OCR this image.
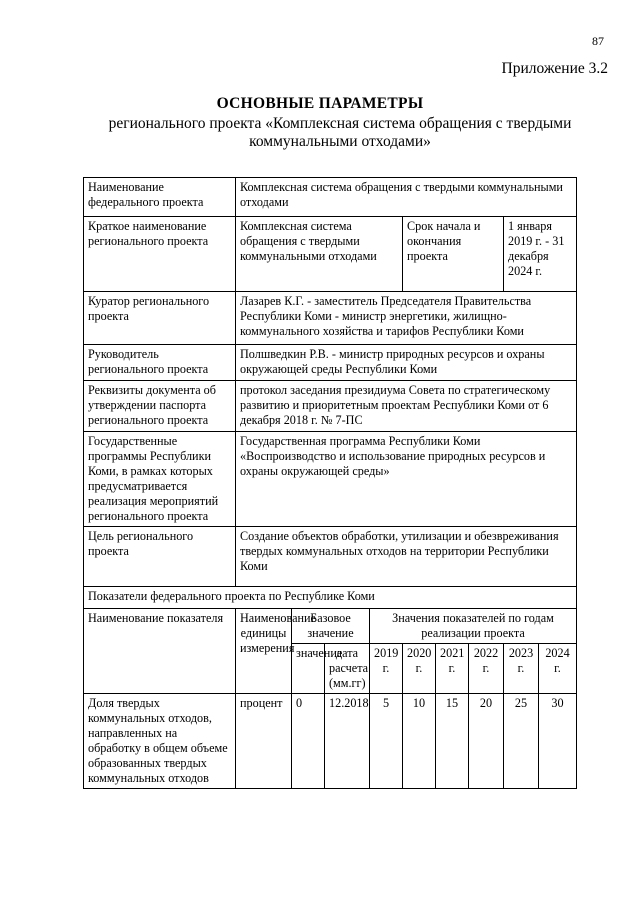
87
Приложение 3.2
ОСНОВНЫЕ ПАРАМЕТРЫ
регионального проекта «Комплексная система обращения с твердыми коммунальными отходами»
Наименование федерального проекта	Комплексная система обращения с твердыми коммунальными отходами								
Краткое наименование регионального проекта	Комплексная система обращения с твердыми коммунальными отходами				Срок начала и окончания проекта			1 января 2019 г. - 31 декабря 2024 г.	
Куратор регионального проекта	Лазарев К.Г. - заместитель Председателя Правительства Республики Коми - министр энергетики, жилищно-коммунального хозяйства и тарифов Республики Коми								
Руководитель регионального проекта	Полшведкин Р.В. - министр природных ресурсов и охраны окружающей среды Республики Коми								
Реквизиты документа об утверждении паспорта регионального проекта	протокол заседания президиума Совета по стратегическому развитию и приоритетным проектам Республики Коми от 6 декабря 2018 г. № 7-ПС								
Государственные программы Республики Коми, в рамках которых предусматривается реализация мероприятий регионального проекта	Государственная программа Республики Коми «Воспроизводство и использование природных ресурсов и охраны окружающей среды»								
Цель регионального проекта	Создание объектов обработки, утилизации и обезвреживания твердых коммунальных отходов на территории Республики Коми								
Показатели федерального проекта по Республике Коми									
Наименование показателя	Наименование единицы измерения	Базовое значение		Значения показателей по годам реализации проекта					
		значение	дата расчета (мм.гг)	2019 г.	2020 г.	2021 г.	2022 г.	2023 г.	2024 г.
Доля твердых коммунальных отходов, направленных на обработку в общем объеме образованных твердых коммунальных отходов	процент	0	12.2018	5	10	15	20	25	30
